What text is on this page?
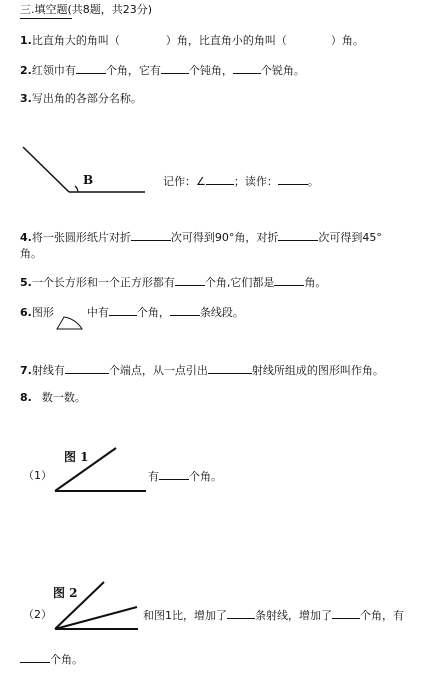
三.填空题(共8题，共23分)
1.比直角大的角叫（	）角，比直角小的角叫（	）角。
2.红领巾有	个角，它有	个钝角，	个锐角。
3.写出角的各部分名称。
B	记作：∠	；读作：	。
4.将一张圆形纸片对折	次可得到90°角，对折	次可得到45°
角。
5.一个长方形和一个正方形都有	个角,它们都是	角。
6.图形	中有	个角，	条线段。
7.射线有	个端点，从一点引出	射线所组成的图形叫作角。
8. 数一数。
图 1
（1）	有	个角。
图 2
（2）	和图1比，增加了	条射线，增加了	个角，有
个角。
